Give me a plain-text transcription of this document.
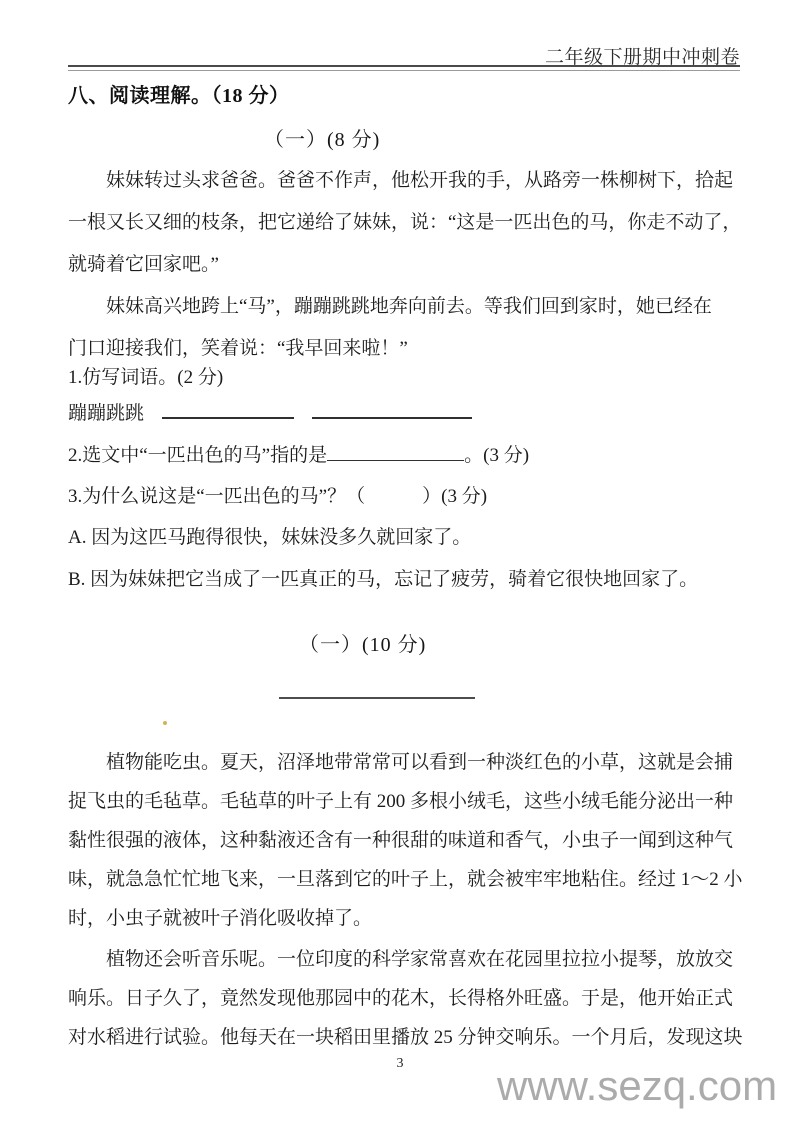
二年级下册期中冲刺卷
八、阅读理解。（18 分）
（一）(8 分)
妹妹转过头求爸爸。爸爸不作声，他松开我的手，从路旁一株柳树下，拾起
一根又长又细的枝条，把它递给了妹妹，说：“这是一匹出色的马，你走不动了，
就骑着它回家吧。”
妹妹高兴地跨上“马”，蹦蹦跳跳地奔向前去。等我们回到家时，她已经在
门口迎接我们，笑着说：“我早回来啦！”
1.仿写词语。(2 分)
蹦蹦跳跳
2.选文中“一匹出色的马”指的是	。(3 分)
3.为什么说这是“一匹出色的马”？（　　　）(3 分)
A. 因为这匹马跑得很快，妹妹没多久就回家了。
B. 因为妹妹把它当成了一匹真正的马，忘记了疲劳，骑着它很快地回家了。
（一）(10 分)
植物能吃虫。夏天，沼泽地带常常可以看到一种淡红色的小草，这就是会捕
捉飞虫的毛毡草。毛毡草的叶子上有 200 多根小绒毛，这些小绒毛能分泌出一种
黏性很强的液体，这种黏液还含有一种很甜的味道和香气，小虫子一闻到这种气
味，就急急忙忙地飞来，一旦落到它的叶子上，就会被牢牢地粘住。经过 1～2 小
时，小虫子就被叶子消化吸收掉了。
植物还会听音乐呢。一位印度的科学家常喜欢在花园里拉拉小提琴，放放交
响乐。日子久了，竟然发现他那园中的花木，长得格外旺盛。于是，他开始正式
对水稻进行试验。他每天在一块稻田里播放 25 分钟交响乐。一个月后，发现这块
3	www.sezq.com
